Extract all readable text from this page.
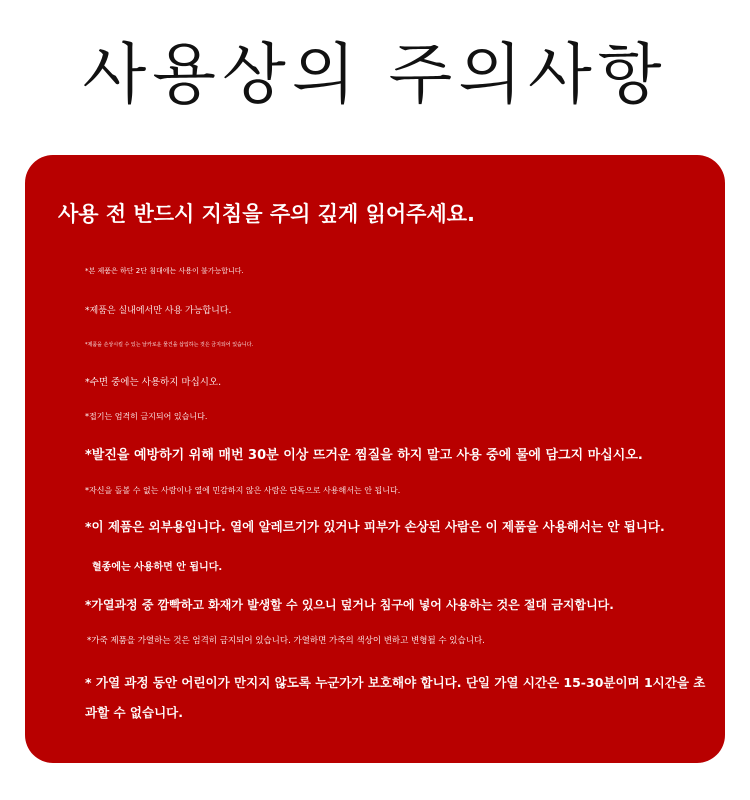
사용상의 주의사항

사용 전 반드시 지침을 주의 깊게 읽어주세요.

*본 제품은 하단 2단 침대에는 사용이 불가능합니다.

*제품은 실내에서만 사용 가능합니다.

*제품을 손상시킬 수 있는 날카로운 물건을 삽입하는 것은 금지되어 있습니다.

*수면 중에는 사용하지 마십시오.

*접기는 엄격히 금지되어 있습니다.

*발진을 예방하기 위해 매번 30분 이상 뜨거운 찜질을 하지 말고 사용 중에 물에 담그지 마십시오.

*자신을 돌볼 수 없는 사람이나 열에 민감하지 않은 사람은 단독으로 사용해서는 안 됩니다.

*이 제품은 외부용입니다. 열에 알레르기가 있거나 피부가 손상된 사람은 이 제품을 사용해서는 안 됩니다.

혈종에는 사용하면 안 됩니다.

*가열과정 중 깜빡하고 화재가 발생할 수 있으니 덮거나 침구에 넣어 사용하는 것은 절대 금지합니다.

*가죽 제품을 가열하는 것은 엄격히 금지되어 있습니다. 가열하면 가죽의 색상이 변하고 변형될 수 있습니다.

* 가열 과정 동안 어린이가 만지지 않도록 누군가가 보호해야 합니다. 단일 가열 시간은 15-30분이며 1시간을 초과할 수 없습니다.
